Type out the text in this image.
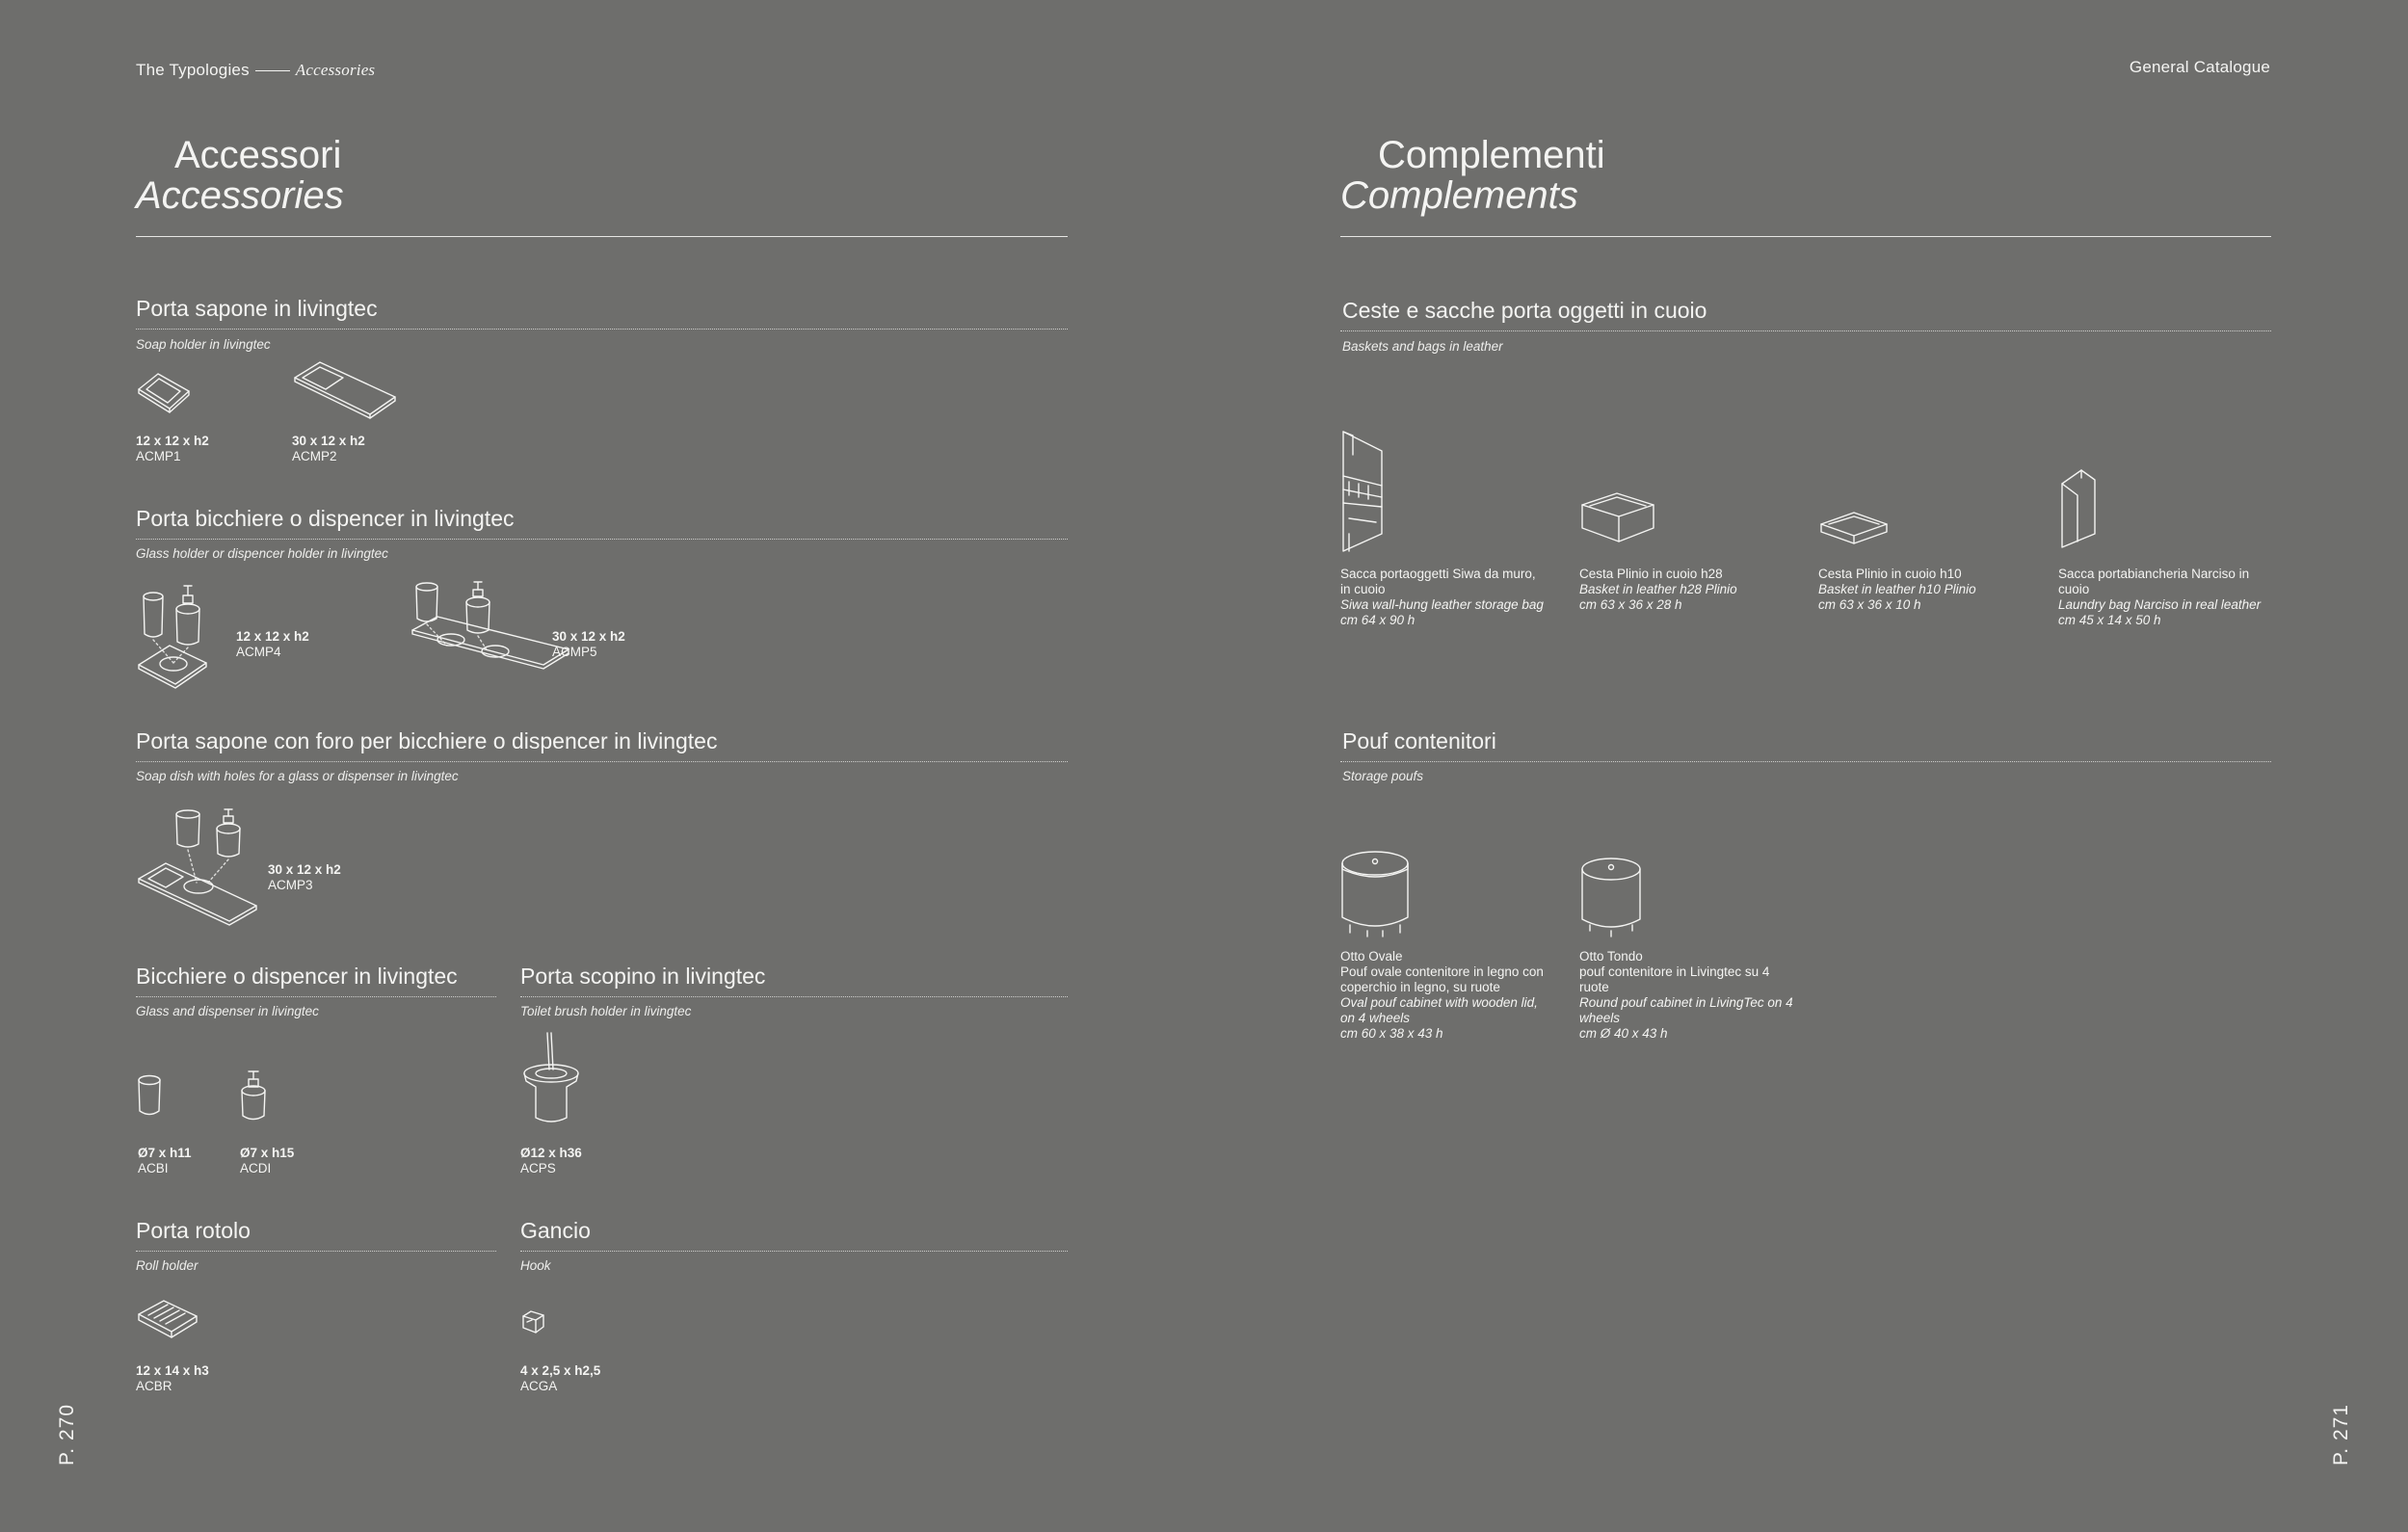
The Typologies	Accessories	General Catalogue
Accessori
Accessories
Porta sapone in livingtec
Soap holder in livingtec
12 x 12 x h2
ACMP1
30 x 12 x h2
ACMP2
Porta bicchiere o dispencer in livingtec
Glass holder or dispencer holder in livingtec
12 x 12 x h2
ACMP4
30 x 12 x h2
ACMP5
Porta sapone con foro per bicchiere o dispencer in livingtec
Soap dish with holes for a glass or dispenser in livingtec
30 x 12 x h2
ACMP3
Bicchiere o dispencer in livingtec
Glass and dispenser in livingtec
Ø7 x h11
ACBI
Ø7 x h15
ACDI
Porta scopino in livingtec
Toilet brush holder in livingtec
Ø12 x h36
ACPS
Porta rotolo
Roll holder
12 x 14 x h3
ACBR
Gancio
Hook
4 x 2,5 x h2,5
ACGA
P. 270
Complementi
Complements
Ceste e sacche porta oggetti in cuoio
Baskets and bags in leather
Sacca portaoggetti Siwa da muro, in cuoio
Siwa wall-hung leather storage bag
cm 64 x 90 h
Cesta Plinio in cuoio h28
Basket in leather h28 Plinio
cm 63 x 36 x 28 h
Cesta Plinio in cuoio h10
Basket in leather h10 Plinio
cm 63 x 36 x 10 h
Sacca portabiancheria Narciso in cuoio
Laundry bag Narciso in real leather
cm 45 x 14 x 50 h
Pouf contenitori
Storage poufs
Otto Ovale
Pouf ovale contenitore in legno con coperchio in legno, su ruote
Oval pouf cabinet with wooden lid, on 4 wheels
cm 60 x 38 x 43 h
Otto Tondo
pouf contenitore in Livingtec su 4 ruote
Round pouf cabinet in LivingTec on 4 wheels
cm Ø 40 x 43 h
P. 271
